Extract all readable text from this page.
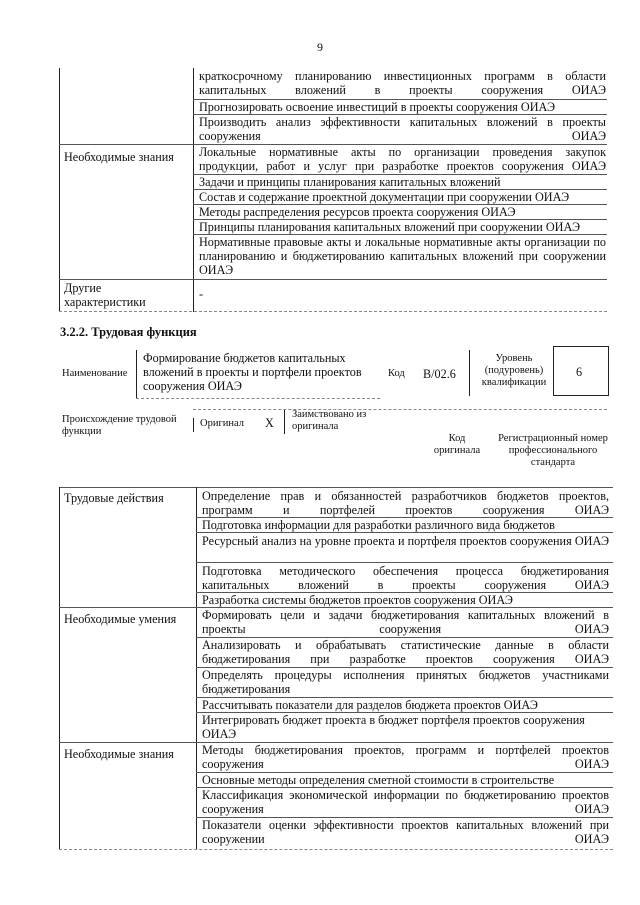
9
краткосрочному планированию инвестиционных программ в области капитальных вложений в проекты сооружения ОИАЭ
Прогнозировать освоение инвестиций в проекты сооружения ОИАЭ
Производить анализ эффективности капитальных вложений в проекты сооружения ОИАЭ
Необходимые знания	Локальные нормативные акты по организации проведения закупок продукции, работ и услуг при разработке проектов сооружения ОИАЭ
Задачи и принципы планирования капитальных вложений
Состав и содержание проектной документации при сооружении ОИАЭ
Методы распределения ресурсов проекта сооружения ОИАЭ
Принципы планирования капитальных вложений при сооружении ОИАЭ
Нормативные правовые акты и локальные нормативные акты организации по планированию и бюджетированию капитальных вложений при сооружении ОИАЭ
Другие характеристики
-
3.2.2. Трудовая функция
Наименование
Формирование бюджетов капитальных вложений в проекты и портфели проектов сооружения ОИАЭ
Код B/02.6
Уровень (подуровень) квалификации
6
Происхождение трудовой функции
Оригинал X
Заимствовано из оригинала
Код оригинала
Регистрационный номер профессионального стандарта
Трудовые действия	Определение прав и обязанностей разработчиков бюджетов проектов, программ и портфелей проектов сооружения ОИАЭ
Подготовка информации для разработки различного вида бюджетов
Ресурсный анализ на уровне проекта и портфеля проектов сооружения ОИАЭ
Подготовка методического обеспечения процесса бюджетирования капитальных вложений в проекты сооружения ОИАЭ
Разработка системы бюджетов проектов сооружения ОИАЭ
Необходимые умения Формировать цели и задачи бюджетирования капитальных вложений в проекты сооружения ОИАЭ
Анализировать и обрабатывать статистические данные в области бюджетирования при разработке проектов сооружения ОИАЭ
Определять процедуры исполнения принятых бюджетов участниками бюджетирования
Рассчитывать показатели для разделов бюджета проектов ОИАЭ
Интегрировать бюджет проекта в бюджет портфеля проектов сооружения ОИАЭ
Необходимые знания Методы бюджетирования проектов, программ и портфелей проектов сооружения ОИАЭ
Основные методы определения сметной стоимости в строительстве
Классификация экономической информации по бюджетированию проектов сооружения ОИАЭ
Показатели оценки эффективности проектов капитальных вложений при сооружении ОИАЭ
